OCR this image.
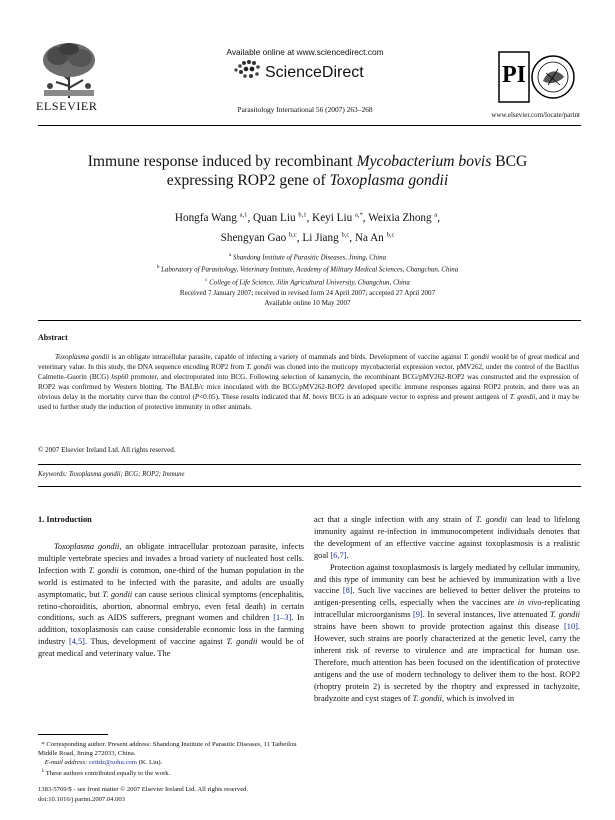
ELSEVIER
Available online at www.sciencedirect.com
ScienceDirect
Parasitology International 56 (2007) 263–268
PI
www.elsevier.com/locate/parint
Immune response induced by recombinant Mycobacterium bovis BCG
expressing ROP2 gene of Toxoplasma gondii
Hongfa Wang $^{a,1}$, Quan Liu $^{b,1}$, Keyi Liu $^{a,*}$, Weixia Zhong $^a$,
Shengyan Gao $^{b,c}$, Li Jiang $^{b,c}$, Na An $^{b,c}$
$^a$ Shandong Institute of Parasitic Diseases, Jining, China
$^b$ Laboratory of Parasitology, Veterinary Institute, Academy of Military Medical Sciences, Changchun, China
$^c$ College of Life Science, Jilin Agricultural University, Changchun, China
Received 7 January 2007; received in revised form 24 April 2007; accepted 27 April 2007
Available online 10 May 2007
Abstract

Toxoplasma gondii is an obligate intracellular parasite, capable of infecting a variety of mammals and birds. Development of vaccine against T. gondii would be of great medical and veterinary value. In this study, the DNA sequence encoding ROP2 from T. gondii was cloned into the muticopy mycobacterial expression vector, pMV262, under the control of the Bacillus Calmette–Guerin (BCG) hsp60 promoter, and electroporated into BCG. Following selection of kanamycin, the recombinant BCG/pMV262-ROP2 was constructed and the expression of ROP2 was confirmed by Western blotting. The BALB/c mice inoculated with the BCG/pMV262-ROP2 developed specific immune responses against ROP2 protein, and there was an obvious delay in the mortality curve than the control (P<0.05). These results indicated that M. bovis BCG is an adequate vector to express and present antigens of T. gondii, and it may be used to further study the induction of protective immunity in other animals.

© 2007 Elsevier Ireland Ltd. All rights reserved.
Keywords: Toxoplasma gondii; BCG; ROP2; Immune
1. Introduction

Toxoplasma gondii, an obligate intracellular protozoan parasite, infects multiple vertebrate species and invades a broad variety of nucleated host cells. Infection with T. gondii is common, one-third of the human population in the world is estimated to be infected with the parasite, and adults are usually asymptomatic, but T. gondii can cause serious clinical symptoms (encephalitis, retino-choroiditis, abortion, abnormal embryo, even fetal death) in certain conditions, such as AIDS sufferers, pregnant women and children [1–3]. In addition, toxoplasmosis can cause considerable economic loss in the farming industry [4,5]. Thus, development of vaccine against T. gondii would be of great medical and veterinary value. The

act that a single infection with any strain of T. gondii can lead to lifelong immunity against re-infection in immunocompetent individuals denotes that the development of an effective vaccine against toxoplasmosis is a realistic goal [6,7].

Protection against toxoplasmosis is largely mediated by cellular immunity, and this type of immunity can best be achieved by immunization with a live vaccine [8]. Such live vaccines are believed to better deliver the proteins to antigen-presenting cells, especially when the vaccines are in vivo-replicating intracellular microorganisms [9]. In several instances, live attenuated T. gondii strains have been shown to provide protection against this disease [10]. However, such strains are poorly characterized at the genetic level, carry the inherent risk of reverse to virulence and are impractical for human use. Therefore, much attention has been focused on the identification of protective antigens and the use of modern technology to deliver them to the host. ROP2 (rhoptry protein 2) is secreted by the rhoptry and expressed in tachyzoite, bradyzoite and cyst stages of T. gondii, which is involved in

* Corresponding author. Present address: Shandong Institute of Parasitic Diseases, 11 Taibeilou Middle Road, Jining 272033, China.

E-mail address: ceitdz@sohu.com (K. Liu).

$^1$ These authors contributed equally to the work.

1383-5769/$ - see front matter © 2007 Elsevier Ireland Ltd. All rights reserved.
doi:10.1016/j.parint.2007.04.003
